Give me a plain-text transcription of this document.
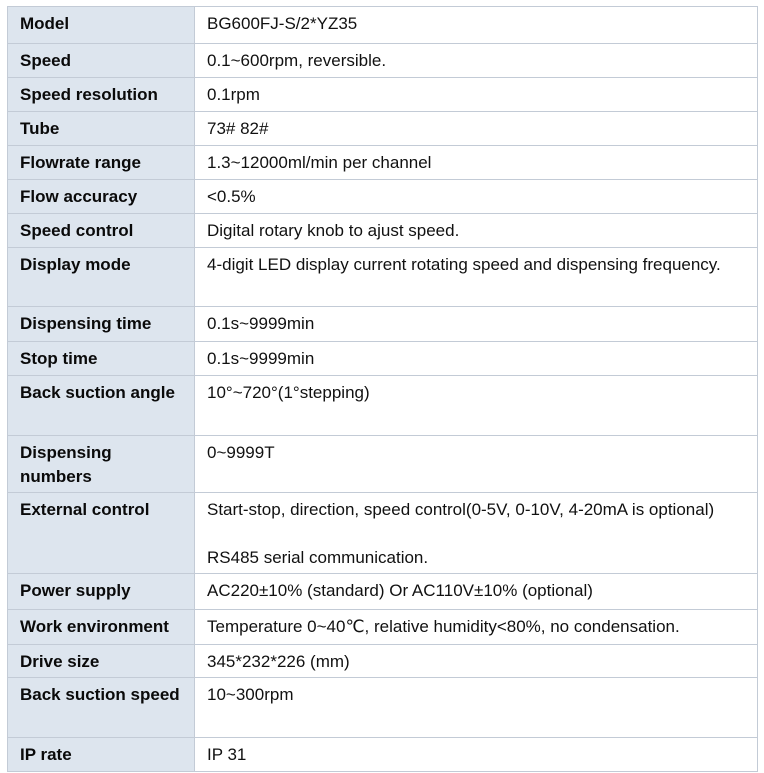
Model	BG600FJ-S/2*YZ35
Speed	0.1~600rpm, reversible.
Speed resolution	0.1rpm
Tube	73# 82#
Flowrate range	1.3~12000ml/min per channel
Flow accuracy	<0.5%
Speed control	Digital rotary knob to ajust speed.
Display mode	4-digit LED display current rotating speed and dispensing frequency.
Dispensing time	0.1s~9999min
Stop time	0.1s~9999min
Back suction angle	10°~720°(1°stepping)
Dispensing numbers	0~9999T
External control	Start-stop, direction, speed control(0-5V, 0-10V, 4-20mA is optional)

RS485 serial communication.
Power supply	AC220±10% (standard) Or AC110V±10% (optional)
Work environment	Temperature 0~40℃, relative humidity<80%, no condensation.
Drive size	345*232*226 (mm)
Back suction speed	10~300rpm
IP rate	IP 31
